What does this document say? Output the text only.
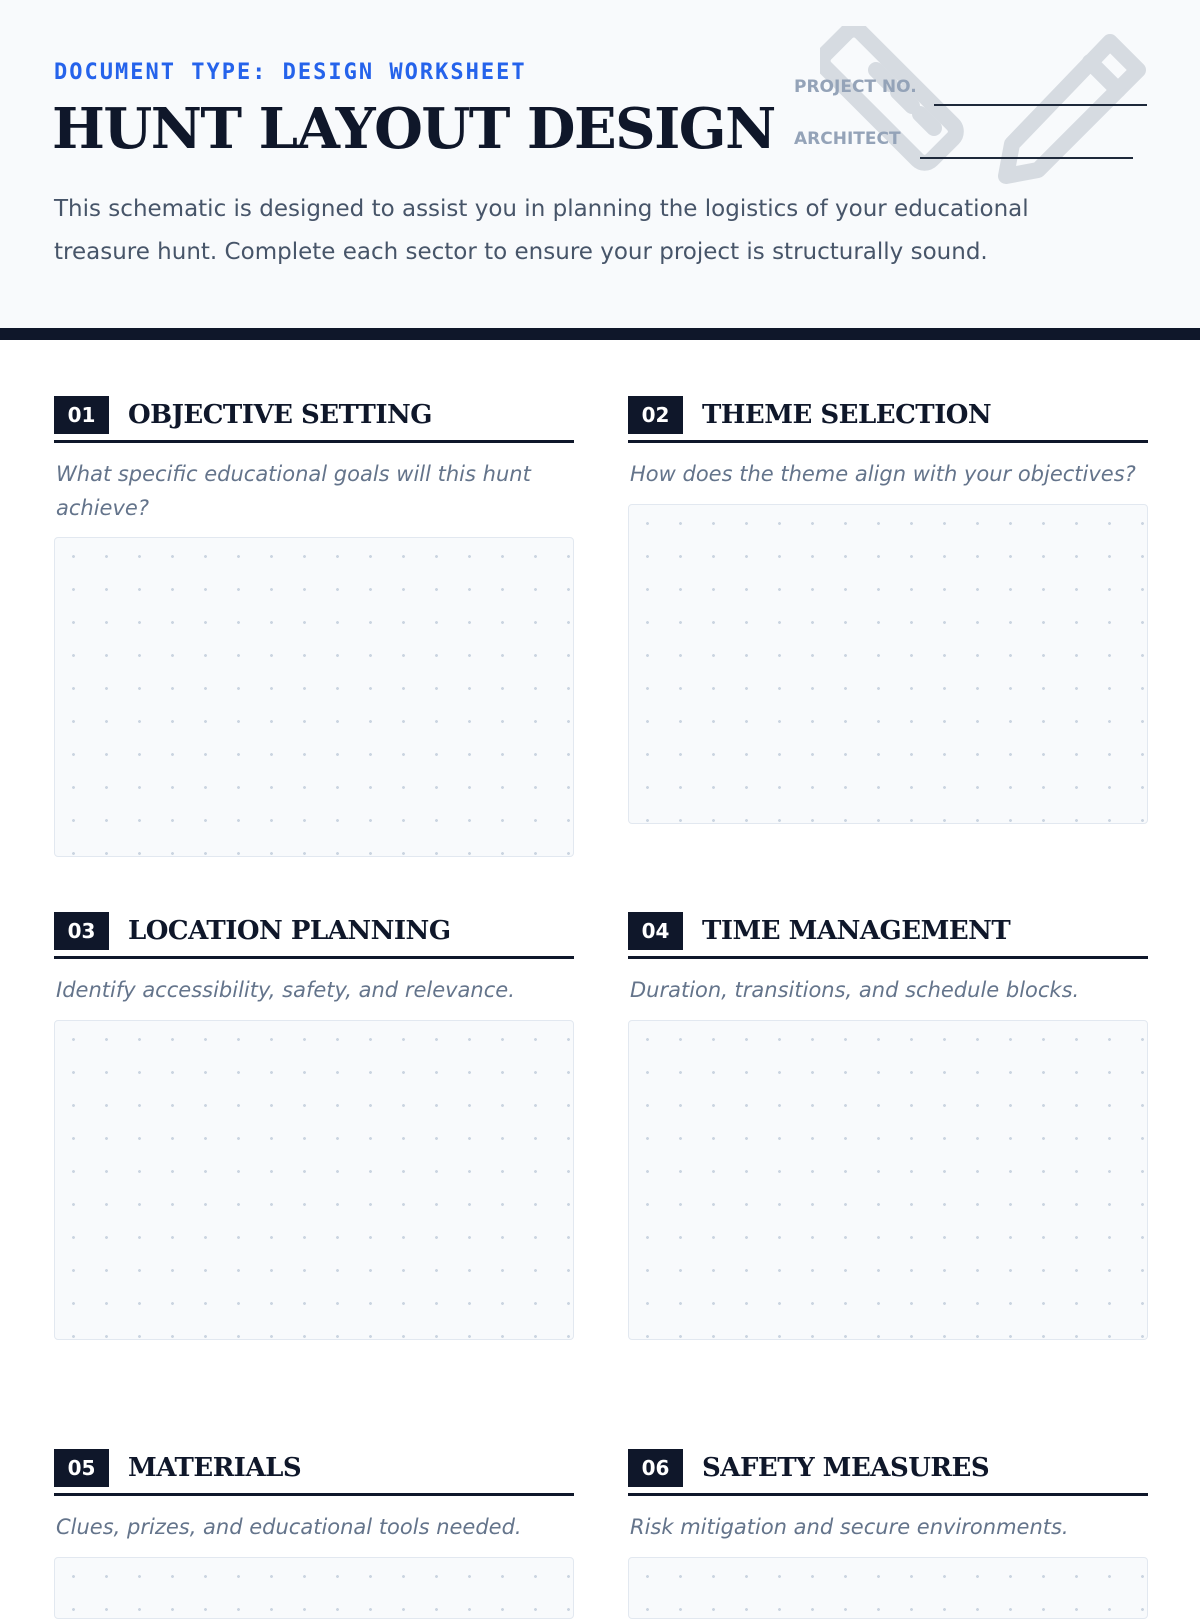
DOCUMENT TYPE: DESIGN WORKSHEET
HUNT LAYOUT DESIGN
PROJECT NO.
ARCHITECT
This schematic is designed to assist you in planning the logistics of your educational treasure hunt. Complete each sector to ensure your project is structurally sound.
01	OBJECTIVE SETTING
What specific educational goals will this hunt achieve?
02	THEME SELECTION
How does the theme align with your objectives?
03	LOCATION PLANNING
Identify accessibility, safety, and relevance.
04	TIME MANAGEMENT
Duration, transitions, and schedule blocks.
05	MATERIALS
Clues, prizes, and educational tools needed.
06	SAFETY MEASURES
Risk mitigation and secure environments.
